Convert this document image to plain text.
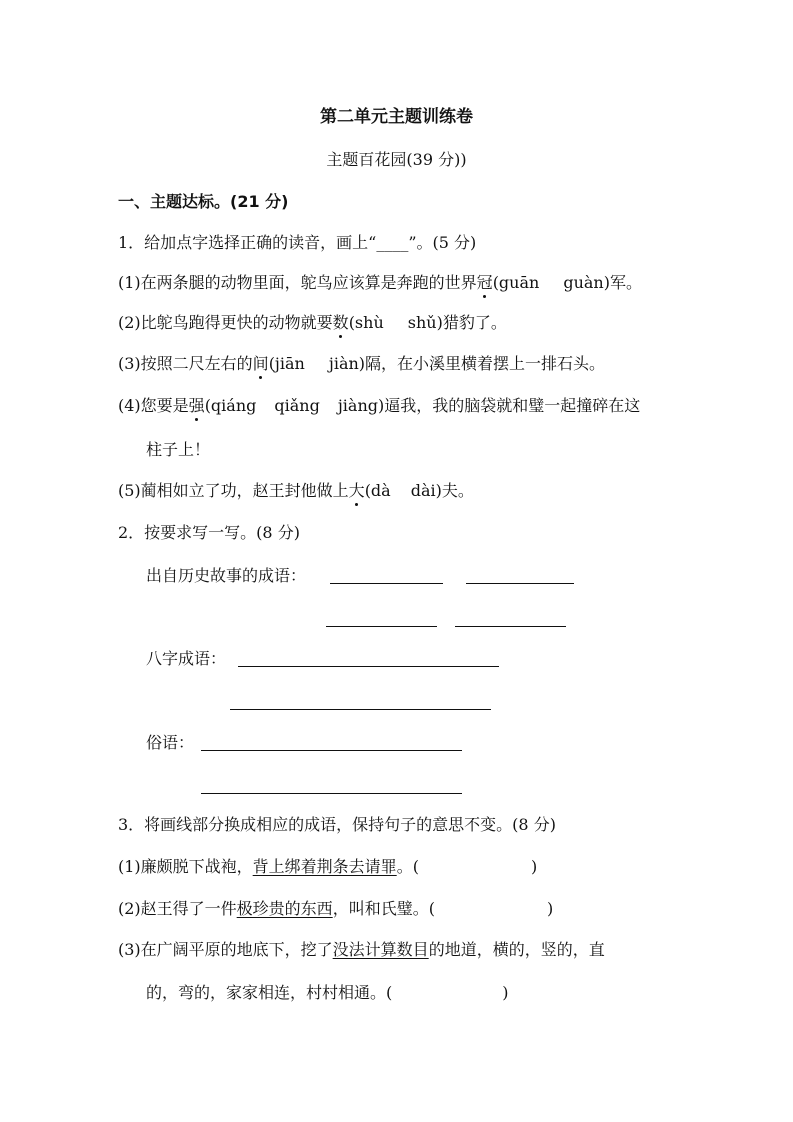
第二单元主题训练卷
主题百花园(39 分))
一、主题达标。(21 分)
1．给加点字选择正确的读音，画上“____”。(5 分)
(1)在两条腿的动物里面，鸵鸟应该算是奔跑的世界冠(guān guàn)军。
(2)比鸵鸟跑得更快的动物就要数(shù shǔ)猎豹了。
(3)按照二尺左右的间(jiān jiàn)隔，在小溪里横着摆上一排石头。
(4)您要是强(qiáng qiǎng jiàng)逼我，我的脑袋就和璧一起撞碎在这
柱子上！
(5)蔺相如立了功，赵王封他做上大(dà dài)夫。
2．按要求写一写。(8 分)
出自历史故事的成语：
八字成语：
俗语：
3．将画线部分换成相应的成语，保持句子的意思不变。(8 分)
(1)廉颇脱下战袍，背上绑着荆条去请罪。(	)
(2)赵王得了一件极珍贵的东西，叫和氏璧。(	)
(3)在广阔平原的地底下，挖了没法计算数目的地道，横的，竖的，直
的，弯的，家家相连，村村相通。(	)
